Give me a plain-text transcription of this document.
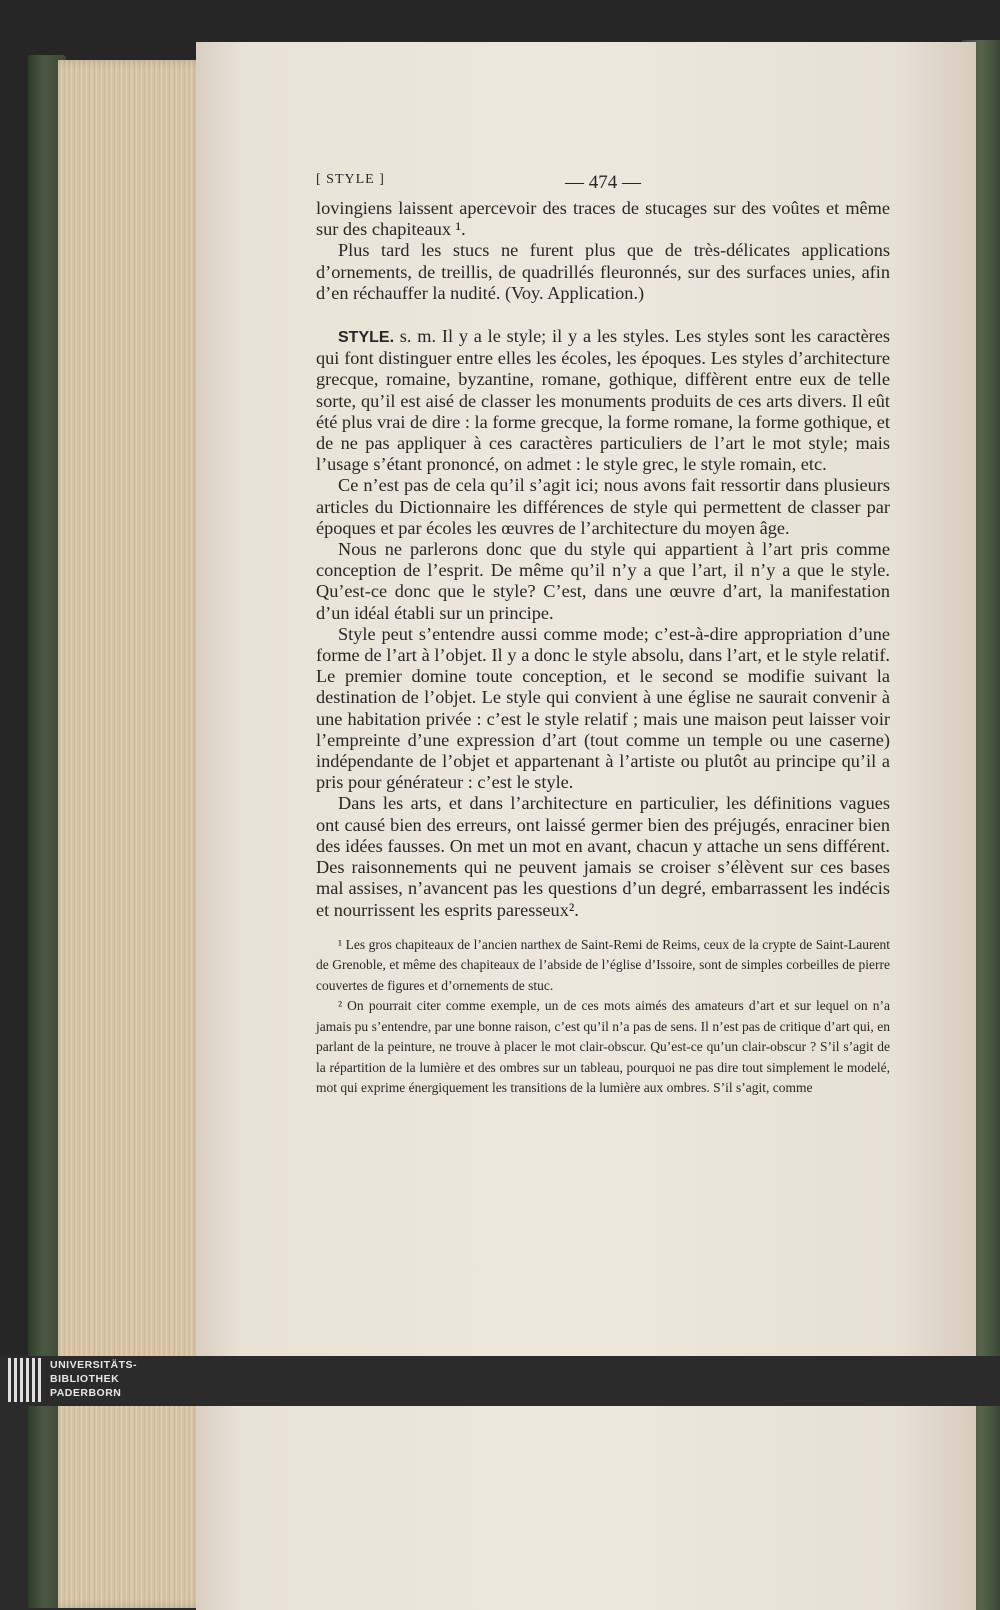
[ STYLE ]	— 474 —

lovingiens laissent apercevoir des traces de stucages sur des voûtes et même sur des chapiteaux ¹.

Plus tard les stucs ne furent plus que de très-délicates applications d’ornements, de treillis, de quadrillés fleuronnés, sur des surfaces unies, afin d’en réchauffer la nudité. (Voy. Application.)

STYLE. s. m. Il y a le style; il y a les styles. Les styles sont les caractères qui font distinguer entre elles les écoles, les époques. Les styles d’architecture grecque, romaine, byzantine, romane, gothique, diffèrent entre eux de telle sorte, qu’il est aisé de classer les monuments produits de ces arts divers. Il eût été plus vrai de dire : la forme grecque, la forme romane, la forme gothique, et de ne pas appliquer à ces caractères particuliers de l’art le mot style; mais l’usage s’étant prononcé, on admet : le style grec, le style romain, etc.

Ce n’est pas de cela qu’il s’agit ici; nous avons fait ressortir dans plusieurs articles du Dictionnaire les différences de style qui permettent de classer par époques et par écoles les œuvres de l’architecture du moyen âge.

Nous ne parlerons donc que du style qui appartient à l’art pris comme conception de l’esprit. De même qu’il n’y a que l’art, il n’y a que le style. Qu’est-ce donc que le style? C’est, dans une œuvre d’art, la manifestation d’un idéal établi sur un principe.

Style peut s’entendre aussi comme mode; c’est-à-dire appropriation d’une forme de l’art à l’objet. Il y a donc le style absolu, dans l’art, et le style relatif. Le premier domine toute conception, et le second se modifie suivant la destination de l’objet. Le style qui convient à une église ne saurait convenir à une habitation privée : c’est le style relatif ; mais une maison peut laisser voir l’empreinte d’une expression d’art (tout comme un temple ou une caserne) indépendante de l’objet et appartenant à l’artiste ou plutôt au principe qu’il a pris pour générateur : c’est le style.

Dans les arts, et dans l’architecture en particulier, les définitions vagues ont causé bien des erreurs, ont laissé germer bien des préjugés, enraciner bien des idées fausses. On met un mot en avant, chacun y attache un sens différent. Des raisonnements qui ne peuvent jamais se croiser s’élèvent sur ces bases mal assises, n’avancent pas les questions d’un degré, embarrassent les indécis et nourrissent les esprits paresseux².

¹ Les gros chapiteaux de l’ancien narthex de Saint-Remi de Reims, ceux de la crypte de Saint-Laurent de Grenoble, et même des chapiteaux de l’abside de l’église d’Issoire, sont de simples corbeilles de pierre couvertes de figures et d’ornements de stuc.

² On pourrait citer comme exemple, un de ces mots aimés des amateurs d’art et sur lequel on n’a jamais pu s’entendre, par une bonne raison, c’est qu’il n’a pas de sens. Il n’est pas de critique d’art qui, en parlant de la peinture, ne trouve à placer le mot clair-obscur. Qu’est-ce qu’un clair-obscur ? S’il s’agit de la répartition de la lumière et des ombres sur un tableau, pourquoi ne pas dire tout simplement le modelé, mot qui exprime énergiquement les transitions de la lumière aux ombres. S’il s’agit, comme

UNIVERSITÄTS-
BIBLIOTHEK
PADERBORN
